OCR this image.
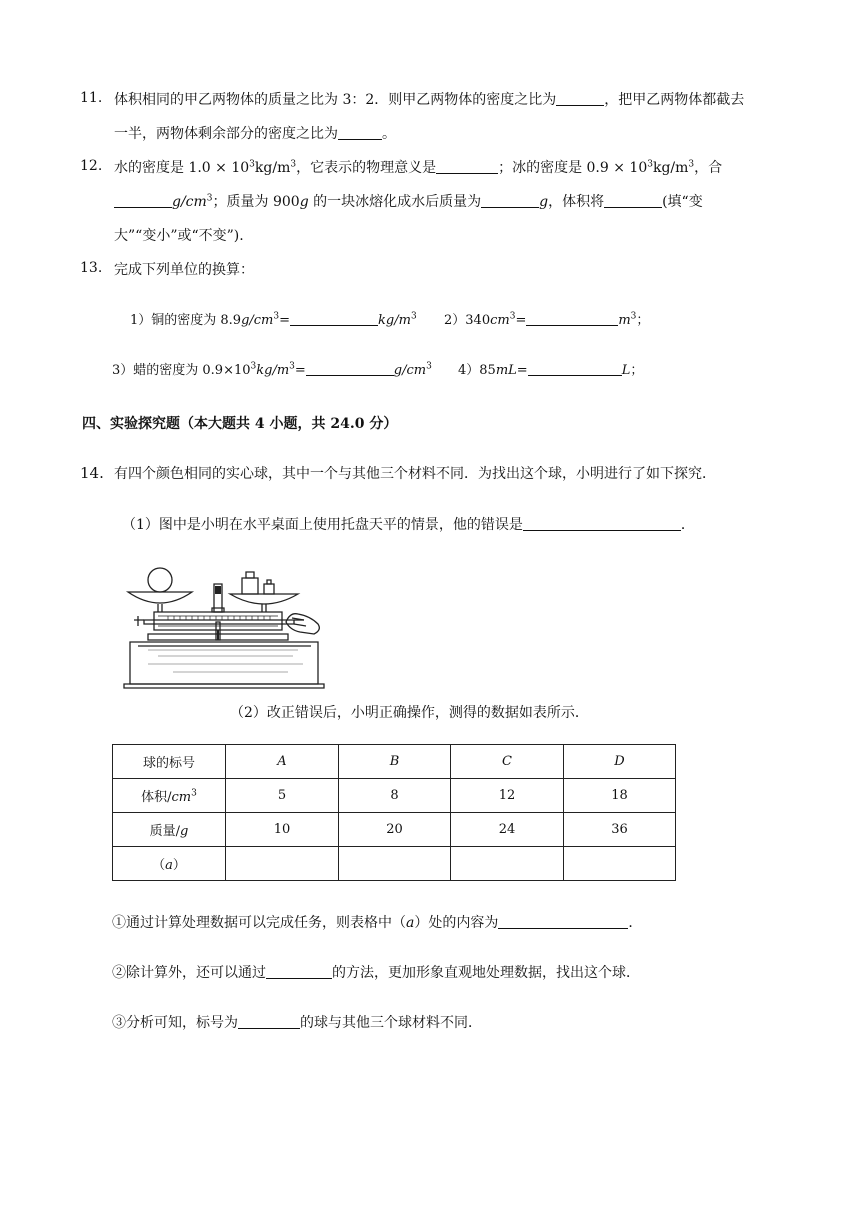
11. 体积相同的甲乙两物体的质量之比为 3：2．则甲乙两物体的密度之比为	，把甲乙两物体都截去
一半，两物体剩余部分的密度之比为	。
12. 水的密度是 $1.0 \times 10^3kg/m^3$，它表示的物理意义是	；冰的密度是 $0.9 \times 10^3kg/m^3$，合
$g/cm^3$；质量为 900g 的一块冰熔化成水后质量为	g，体积将	(填“变
大”“变小”或“不变”).
13. 完成下列单位的换算：
1）铜的密度为 $8.9g/cm^3=$	$kg/m^3$ $2)340cm^3=$	$m^3$；
3）蜡的密度为 $0.9\times 10^3kg/m^3=$	$g/cm^3$ 4）85mL=	L；
四、实验探究题（本大题共 4 小题，共 24.0 分）
14. 有四个颜色相同的实心球，其中一个与其他三个材料不同．为找出这个球，小明进行了如下探究．
（1）图中是小明在水平桌面上使用托盘天平的情景，他的错误是	．
（2）改正错误后，小明正确操作，测得的数据如表所示．
球的标号	A	B	C	D
体积$/cm^3$	5	8	12	18
质量/g	10	20	24	36
（a）				
①通过计算处理数据可以完成任务，则表格中（a）处的内容为	．
②除计算外，还可以通过	的方法，更加形象直观地处理数据，找出这个球．
③分析可知，标号为	的球与其他三个球材料不同．
